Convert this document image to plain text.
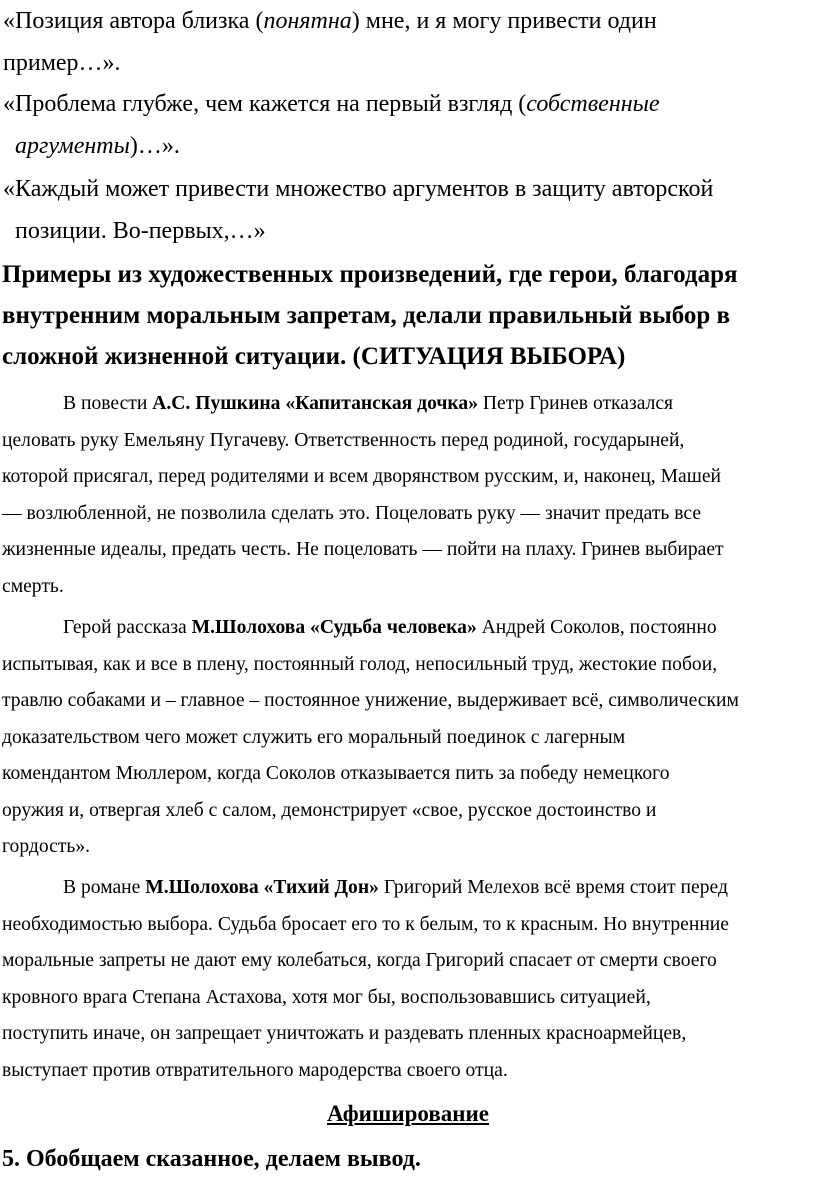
«Позиция автора близка (понятна) мне, и я могу привести один
пример…».

«Проблема глубже, чем кажется на первый взгляд (собственные
аргументы)…».

«Каждый может привести множество аргументов в защиту авторской
позиции. Во-первых,…»

Примеры из художественных произведений, где герои, благодаря
внутренним моральным запретам, делали правильный выбор в
сложной жизненной ситуации. (СИТУАЦИЯ ВЫБОРА)

В повести А.С. Пушкина «Капитанская дочка» Петр Гринев отказался
целовать руку Емельяну Пугачеву. Ответственность перед родиной, государыней,
которой присягал, перед родителями и всем дворянством русским, и, наконец, Машей
— возлюбленной, не позволила сделать это. Поцеловать руку — значит предать все
жизненные идеалы, предать честь. Не поцеловать — пойти на плаху. Гринев выбирает
смерть.

Герой рассказа М.Шолохова «Судьба человека» Андрей Соколов, постоянно
испытывая, как и все в плену, постоянный голод, непосильный труд, жестокие побои,
травлю собаками и – главное – постоянное унижение, выдерживает всё, символическим
доказательством чего может служить его моральный поединок с лагерным
комендантом Мюллером, когда Соколов отказывается пить за победу немецкого
оружия и, отвергая хлеб с салом, демонстрирует «свое, русское достоинство и
гордость».

В романе М.Шолохова «Тихий Дон» Григорий Мелехов всё время стоит перед
необходимостью выбора. Судьба бросает его то к белым, то к красным. Но внутренние
моральные запреты не дают ему колебаться, когда Григорий спасает от смерти своего
кровного врага Степана Астахова, хотя мог бы, воспользовавшись ситуацией,
поступить иначе, он запрещает уничтожать и раздевать пленных красноармейцев,
выступает против отвратительного мародерства своего отца.

Афиширование
5. Обобщаем сказанное, делаем вывод.
